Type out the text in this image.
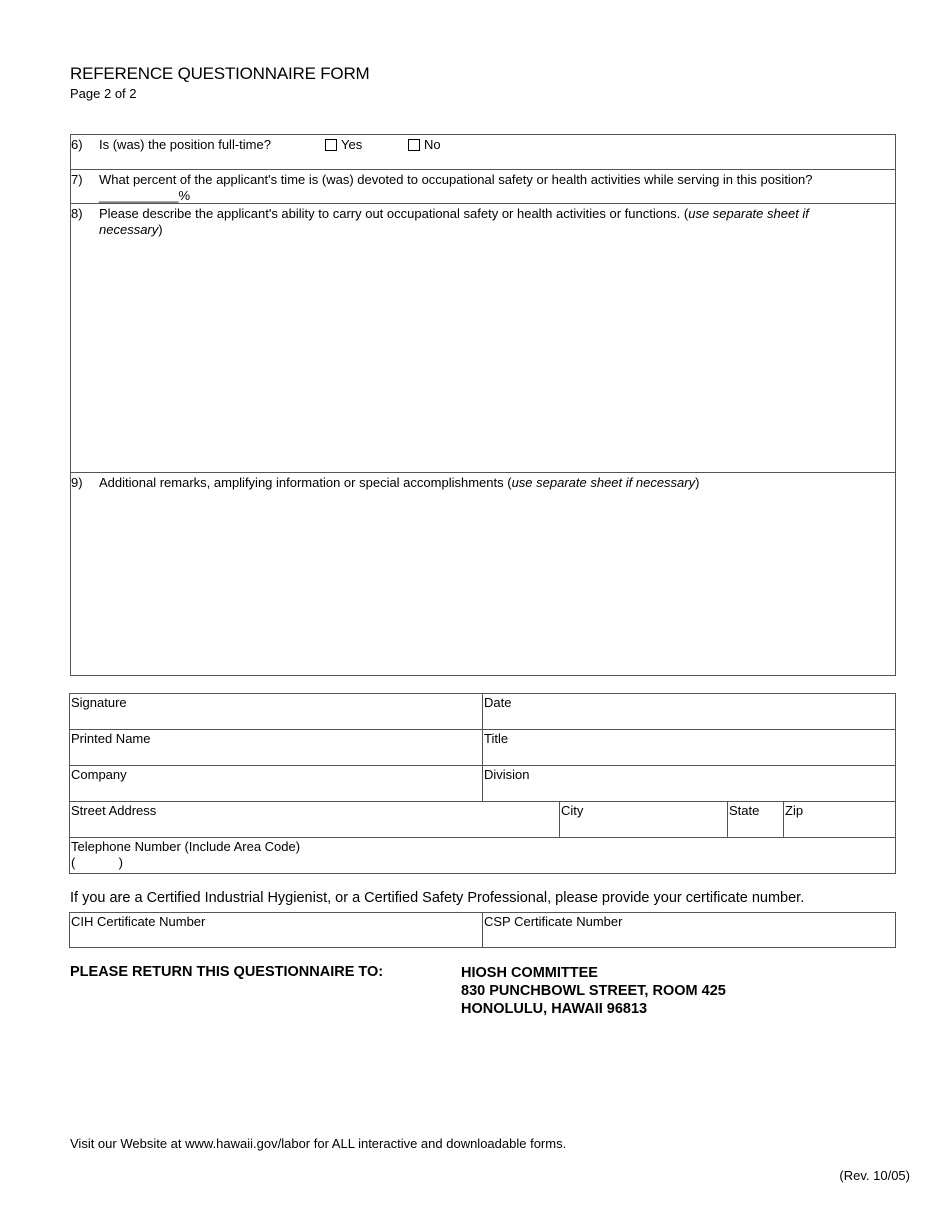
REFERENCE QUESTIONNAIRE FORM
Page 2 of 2
6) Is (was) the position full-time?	Yes	No
7) What percent of the applicant's time is (was) devoted to occupational safety or health activities while serving in this position?
___________%
8) Please describe the applicant's ability to carry out occupational safety or health activities or functions. (use separate sheet if necessary)
9) Additional remarks, amplifying information or special accomplishments (use separate sheet if necessary)
Signature	Date
Printed Name	Title
Company	Division
Street Address	City	State	Zip
Telephone Number (Include Area Code)
(            )
If you are a Certified Industrial Hygienist, or a Certified Safety Professional, please provide your certificate number.
CIH Certificate Number	CSP Certificate Number
PLEASE RETURN THIS QUESTIONNAIRE TO:	HIOSH COMMITTEE
830 PUNCHBOWL STREET, ROOM 425
HONOLULU, HAWAII 96813
Visit our Website at www.hawaii.gov/labor for ALL interactive and downloadable forms.
(Rev. 10/05)
